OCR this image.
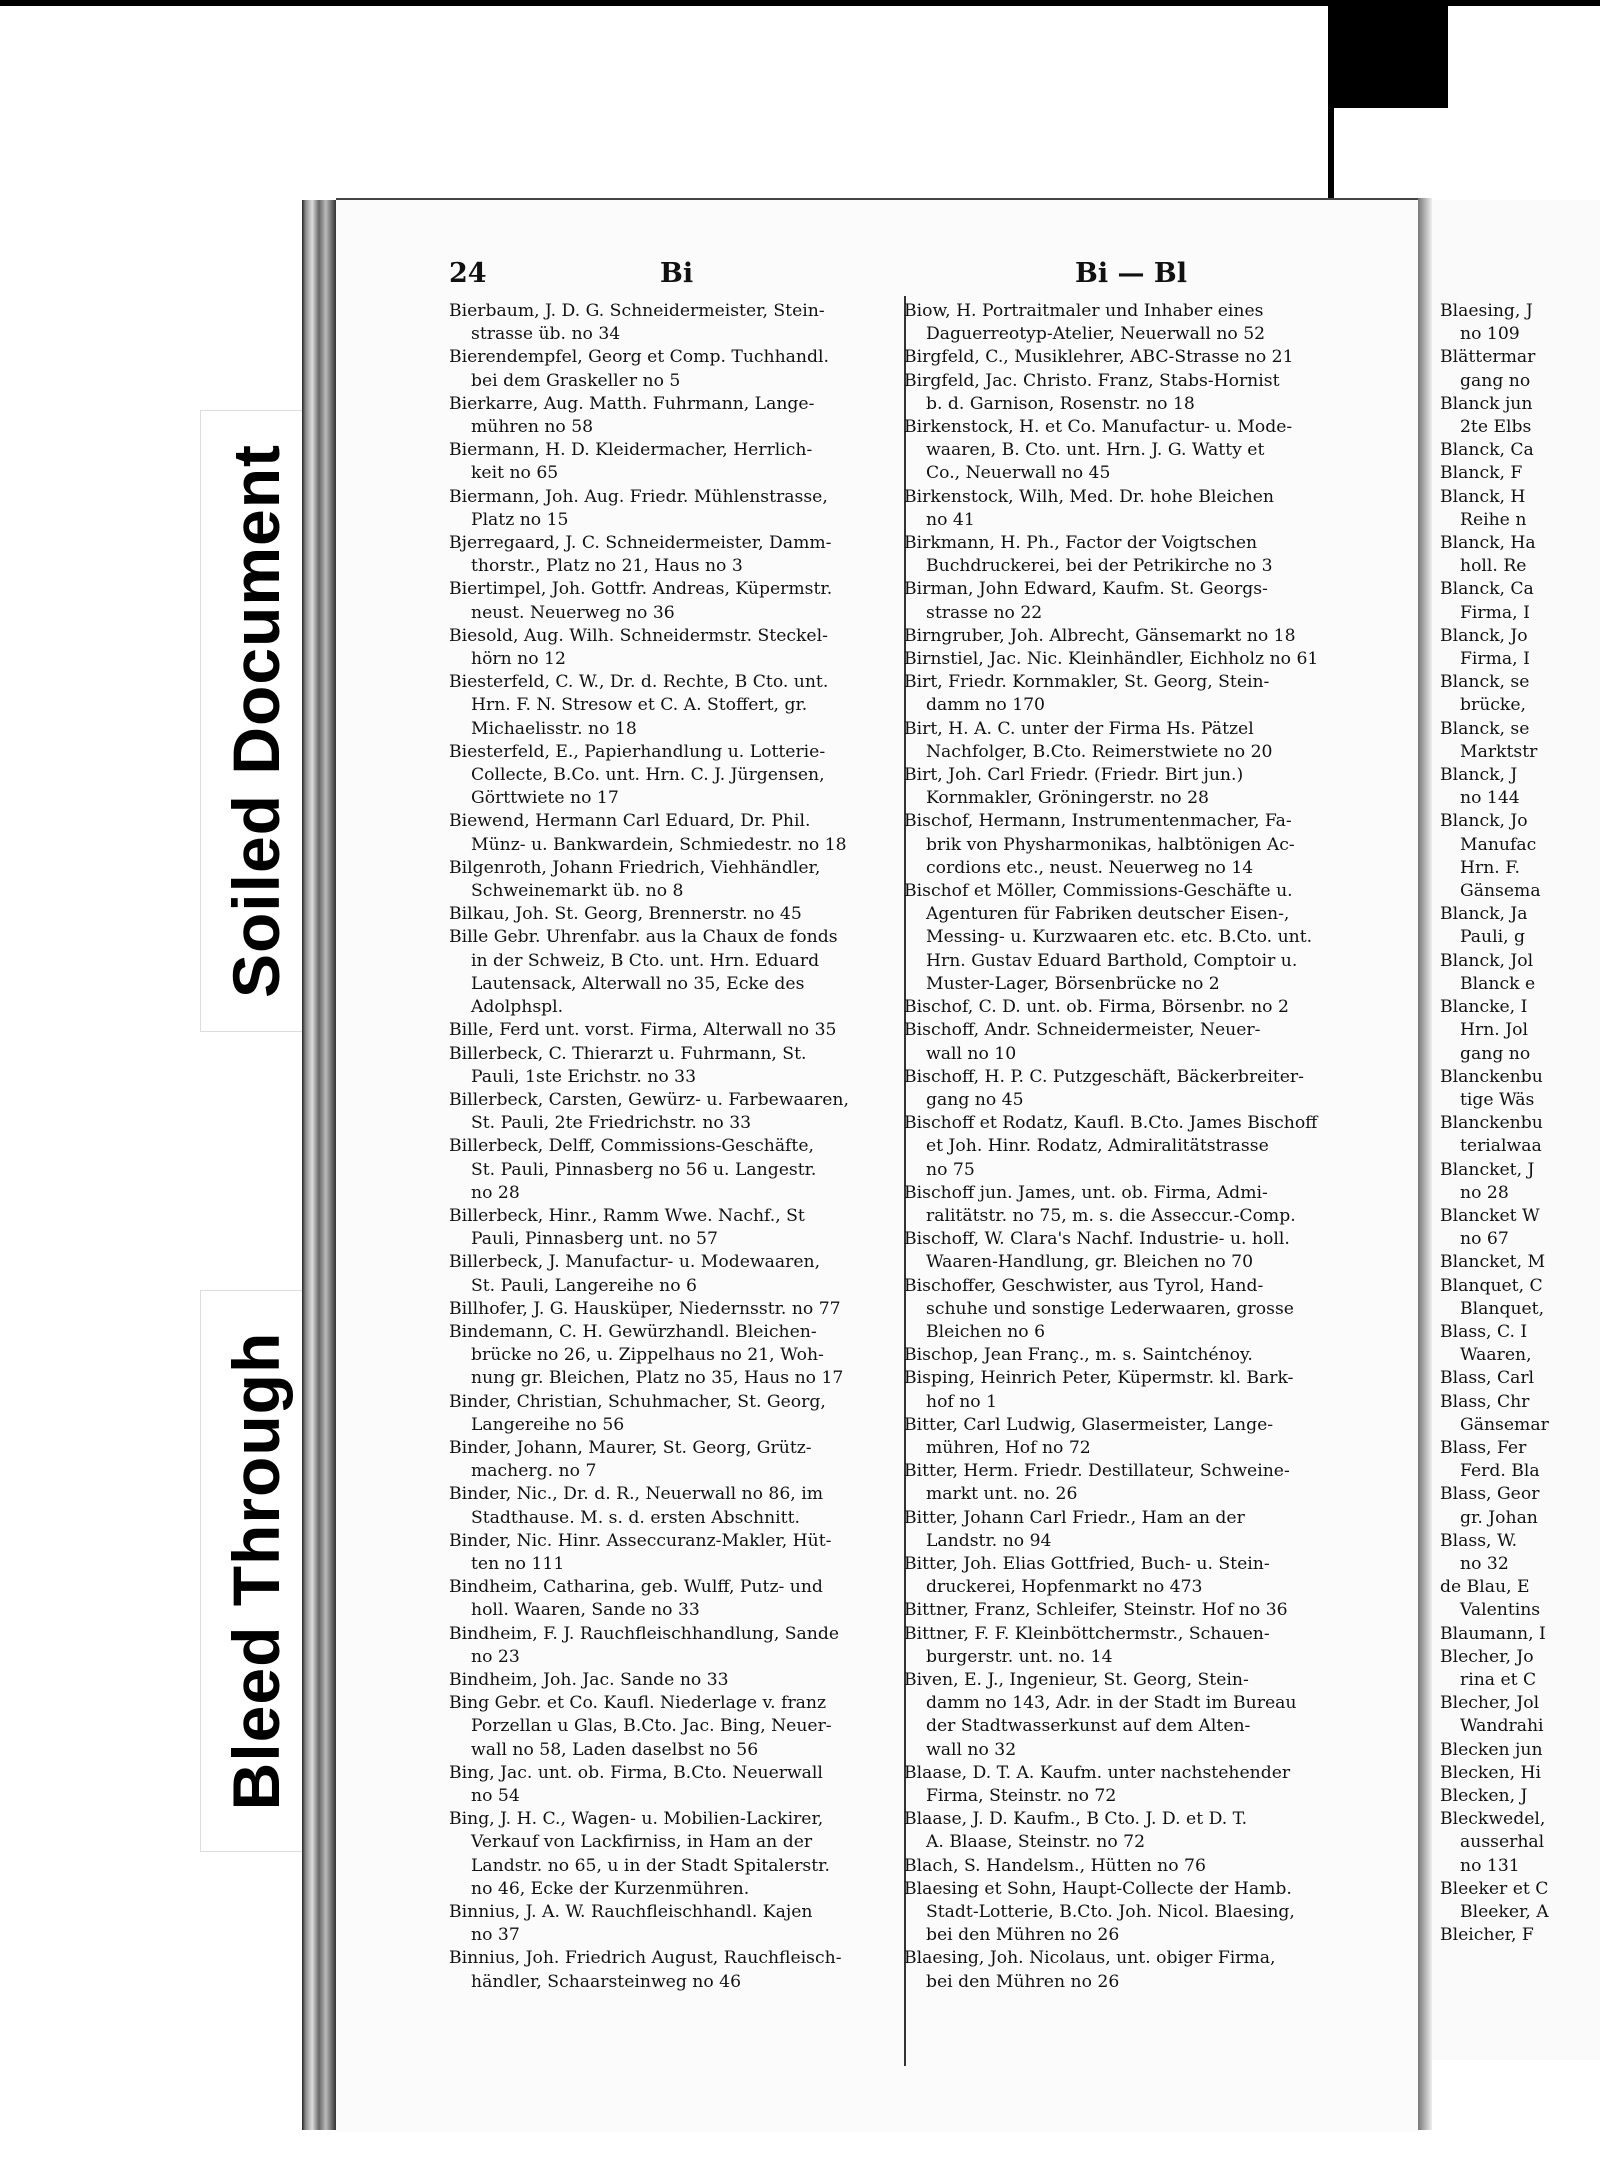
Soiled Document
Bleed Through
24	Bi	Bi — Bl
Bierbaum, J. D. G. Schneidermeister, Stein-
strasse üb. no 34
Bierendempfel, Georg et Comp. Tuchhandl.
bei dem Graskeller no 5
Bierkarre, Aug. Matth. Fuhrmann, Lange-
mühren no 58
Biermann, H. D. Kleidermacher, Herrlich-
keit no 65
Biermann, Joh. Aug. Friedr. Mühlenstrasse,
Platz no 15
Bjerregaard, J. C. Schneidermeister, Damm-
thorstr., Platz no 21, Haus no 3
Biertimpel, Joh. Gottfr. Andreas, Küpermstr.
neust. Neuerweg no 36
Biesold, Aug. Wilh. Schneidermstr. Steckel-
hörn no 12
Biesterfeld, C. W., Dr. d. Rechte, B Cto. unt.
Hrn. F. N. Stresow et C. A. Stoffert, gr.
Michaelisstr. no 18
Biesterfeld, E., Papierhandlung u. Lotterie-
Collecte, B.Co. unt. Hrn. C. J. Jürgensen,
Görttwiete no 17
Biewend, Hermann Carl Eduard, Dr. Phil.
Münz- u. Bankwardein, Schmiedestr. no 18
Bilgenroth, Johann Friedrich, Viehhändler,
Schweinemarkt üb. no 8
Bilkau, Joh. St. Georg, Brennerstr. no 45
Bille Gebr. Uhrenfabr. aus la Chaux de fonds
in der Schweiz, B Cto. unt. Hrn. Eduard
Lautensack, Alterwall no 35, Ecke des
Adolphspl.
Bille, Ferd unt. vorst. Firma, Alterwall no 35
Billerbeck, C. Thierarzt u. Fuhrmann, St.
Pauli, 1ste Erichstr. no 33
Billerbeck, Carsten, Gewürz- u. Farbewaaren,
St. Pauli, 2te Friedrichstr. no 33
Billerbeck, Delff, Commissions-Geschäfte,
St. Pauli, Pinnasberg no 56 u. Langestr.
no 28
Billerbeck, Hinr., Ramm Wwe. Nachf., St
Pauli, Pinnasberg unt. no 57
Billerbeck, J. Manufactur- u. Modewaaren,
St. Pauli, Langereihe no 6
Billhofer, J. G. Hausküper, Niedernsstr. no 77
Bindemann, C. H. Gewürzhandl. Bleichen-
brücke no 26, u. Zippelhaus no 21, Woh-
nung gr. Bleichen, Platz no 35, Haus no 17
Binder, Christian, Schuhmacher, St. Georg,
Langereihe no 56
Binder, Johann, Maurer, St. Georg, Grütz-
macherg. no 7
Binder, Nic., Dr. d. R., Neuerwall no 86, im
Stadthause. M. s. d. ersten Abschnitt.
Binder, Nic. Hinr. Asseccuranz-Makler, Hüt-
ten no 111
Bindheim, Catharina, geb. Wulff, Putz- und
holl. Waaren, Sande no 33
Bindheim, F. J. Rauchfleischhandlung, Sande
no 23
Bindheim, Joh. Jac. Sande no 33
Bing Gebr. et Co. Kaufl. Niederlage v. franz
Porzellan u Glas, B.Cto. Jac. Bing, Neuer-
wall no 58, Laden daselbst no 56
Bing, Jac. unt. ob. Firma, B.Cto. Neuerwall
no 54
Bing, J. H. C., Wagen- u. Mobilien-Lackirer,
Verkauf von Lackfirniss, in Ham an der
Landstr. no 65, u in der Stadt Spitalerstr.
no 46, Ecke der Kurzenmühren.
Binnius, J. A. W. Rauchfleischhandl. Kajen
no 37
Binnius, Joh. Friedrich August, Rauchfleisch-
händler, Schaarsteinweg no 46
Biow, H. Portraitmaler und Inhaber eines
Daguerreotyp-Atelier, Neuerwall no 52
Birgfeld, C., Musiklehrer, ABC-Strasse no 21
Birgfeld, Jac. Christo. Franz, Stabs-Hornist
b. d. Garnison, Rosenstr. no 18
Birkenstock, H. et Co. Manufactur- u. Mode-
waaren, B. Cto. unt. Hrn. J. G. Watty et
Co., Neuerwall no 45
Birkenstock, Wilh, Med. Dr. hohe Bleichen
no 41
Birkmann, H. Ph., Factor der Voigtschen
Buchdruckerei, bei der Petrikirche no 3
Birman, John Edward, Kaufm. St. Georgs-
strasse no 22
Birngruber, Joh. Albrecht, Gänsemarkt no 18
Birnstiel, Jac. Nic. Kleinhändler, Eichholz no 61
Birt, Friedr. Kornmakler, St. Georg, Stein-
damm no 170
Birt, H. A. C. unter der Firma Hs. Pätzel
Nachfolger, B.Cto. Reimerstwiete no 20
Birt, Joh. Carl Friedr. (Friedr. Birt jun.)
Kornmakler, Gröningerstr. no 28
Bischof, Hermann, Instrumentenmacher, Fa-
brik von Physharmonikas, halbtönigen Ac-
cordions etc., neust. Neuerweg no 14
Bischof et Möller, Commissions-Geschäfte u.
Agenturen für Fabriken deutscher Eisen-,
Messing- u. Kurzwaaren etc. etc. B.Cto. unt.
Hrn. Gustav Eduard Barthold, Comptoir u.
Muster-Lager, Börsenbrücke no 2
Bischof, C. D. unt. ob. Firma, Börsenbr. no 2
Bischoff, Andr. Schneidermeister, Neuer-
wall no 10
Bischoff, H. P. C. Putzgeschäft, Bäckerbreiter-
gang no 45
Bischoff et Rodatz, Kaufl. B.Cto. James Bischoff
et Joh. Hinr. Rodatz, Admiralitätstrasse
no 75
Bischoff jun. James, unt. ob. Firma, Admi-
ralitätstr. no 75, m. s. die Asseccur.-Comp.
Bischoff, W. Clara's Nachf. Industrie- u. holl.
Waaren-Handlung, gr. Bleichen no 70
Bischoffer, Geschwister, aus Tyrol, Hand-
schuhe und sonstige Lederwaaren, grosse
Bleichen no 6
Bischop, Jean Franç., m. s. Saintchénoy.
Bisping, Heinrich Peter, Küpermstr. kl. Bark-
hof no 1
Bitter, Carl Ludwig, Glasermeister, Lange-
mühren, Hof no 72
Bitter, Herm. Friedr. Destillateur, Schweine-
markt unt. no. 26
Bitter, Johann Carl Friedr., Ham an der
Landstr. no 94
Bitter, Joh. Elias Gottfried, Buch- u. Stein-
druckerei, Hopfenmarkt no 473
Bittner, Franz, Schleifer, Steinstr. Hof no 36
Bittner, F. F. Kleinböttchermstr., Schauen-
burgerstr. unt. no. 14
Biven, E. J., Ingenieur, St. Georg, Stein-
damm no 143, Adr. in der Stadt im Bureau
der Stadtwasserkunst auf dem Alten-
wall no 32
Blaase, D. T. A. Kaufm. unter nachstehender
Firma, Steinstr. no 72
Blaase, J. D. Kaufm., B Cto. J. D. et D. T.
A. Blaase, Steinstr. no 72
Blach, S. Handelsm., Hütten no 76
Blaesing et Sohn, Haupt-Collecte der Hamb.
Stadt-Lotterie, B.Cto. Joh. Nicol. Blaesing,
bei den Mühren no 26
Blaesing, Joh. Nicolaus, unt. obiger Firma,
bei den Mühren no 26
Blaesing, J
no 109
Blättermar
gang no
Blanck jun
2te Elbs
Blanck, Ca
Blanck, F
Blanck, H
Reihe n
Blanck, Ha
holl. Re
Blanck, Ca
Firma, I
Blanck, Jo
Firma, I
Blanck, se
brücke,
Blanck, se
Marktstr
Blanck, J
no 144
Blanck, Jo
Manufac
Hrn. F.
Gänsema
Blanck, Ja
Pauli, g
Blanck, Jol
Blanck e
Blancke, I
Hrn. Jol
gang no
Blanckenbu
tige Wäs
Blanckenbu
terialwaa
Blancket, J
no 28
Blancket W
no 67
Blancket, M
Blanquet, C
Blanquet,
Blass, C. I
Waaren,
Blass, Carl
Blass, Chr
Gänsemar
Blass, Fer
Ferd. Bla
Blass, Geor
gr. Johan
Blass, W.
no 32
de Blau, E
Valentins
Blaumann, I
Blecher, Jo
rina et C
Blecher, Jol
Wandrahi
Blecken jun
Blecken, Hi
Blecken, J
Bleckwedel,
ausserhal
no 131
Bleeker et C
Bleeker, A
Bleicher, F
